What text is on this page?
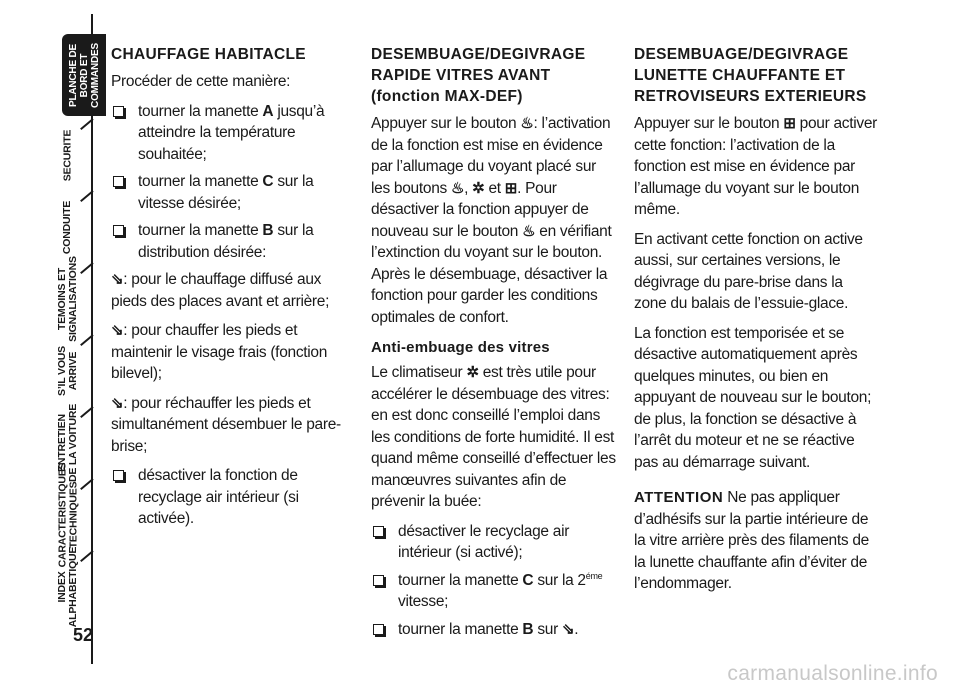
PLANCHE DE BORD ET COMMANDES
SECURITE
CONDUITE
TEMOINS ET SIGNALISATIONS
S’IL VOUS ARRIVE
ENTRETIEN DE LA VOITURE
CARACTERISTIQUES TECHNIQUES
INDEX ALPHABETIQUE
52
CHAUFFAGE HABITACLE

Procéder de cette manière:

tourner la manette A jusqu’à atteindre la température souhaitée;
tourner la manette C sur la vitesse désirée;
tourner la manette B sur la distribution désirée:

⇘: pour le chauffage diffusé aux pieds des places avant et arrière;

⇘: pour chauffer les pieds et maintenir le visage frais (fonction bilevel);

⇘: pour réchauffer les pieds et simultanément désembuer le pare-brise;

désactiver la fonction de recyclage air intérieur (si activée).
DESEMBUAGE/DEGIVRAGE
RAPIDE VITRES AVANT
(fonction MAX-DEF)

Appuyer sur le bouton ♨: l’activation de la fonction est mise en évidence par l’allumage du voyant placé sur les boutons ♨, ✲ et ⊞. Pour désactiver la fonction appuyer de nouveau sur le bouton ♨ en vérifiant l’extinction du voyant sur le bouton. Après le désembuage, désactiver la fonction pour garder les conditions optimales de confort.

Anti-embuage des vitres

Le climatiseur ✲ est très utile pour accélérer le désembuage des vitres: en est donc conseillé l’emploi dans les conditions de forte humidité. Il est quand même conseillé d’effectuer les manœuvres suivantes afin de prévenir la buée:

désactiver le recyclage air intérieur (si activé);
tourner la manette C sur la $2^{éme}$ vitesse;
tourner la manette B sur ⇘.
DESEMBUAGE/DEGIVRAGE
LUNETTE CHAUFFANTE ET
RETROVISEURS EXTERIEURS

Appuyer sur le bouton ⊞ pour activer cette fonction: l’activation de la fonction est mise en évidence par l’allumage du voyant sur le bouton même.

En activant cette fonction on active aussi, sur certaines versions, le dégivrage du pare-brise dans la zone du balais de l’essuie-glace.

La fonction est temporisée et se désactive automatiquement après quelques minutes, ou bien en appuyant de nouveau sur le bouton; de plus, la fonction se désactive à l’arrêt du moteur et ne se réactive pas au démarrage suivant.

ATTENTION Ne pas appliquer d’adhésifs sur la partie intérieure de la vitre arrière près des filaments de la lunette chauffante afin d’éviter de l’endommager.

carmanualsonline.info
